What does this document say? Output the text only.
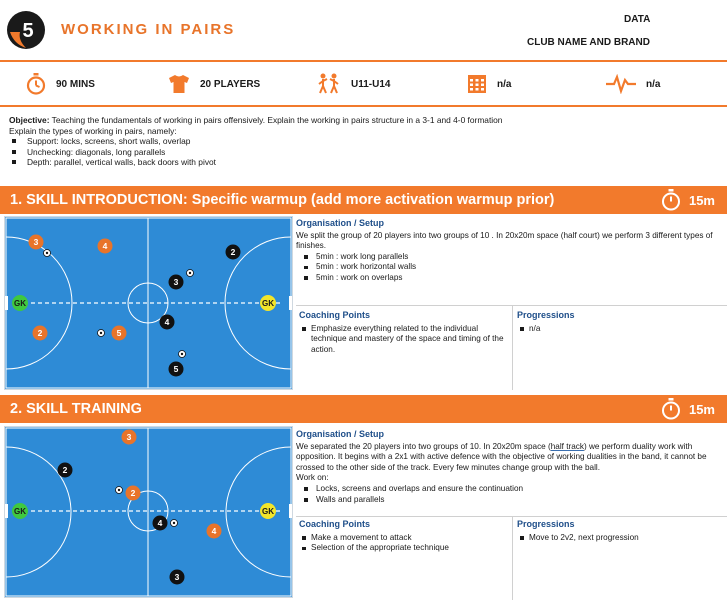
5 WORKING IN PAIRS
DATA
CLUB NAME AND BRAND
90 MINS	20 PLAYERS	U11-U14	n/a	n/a
Objective: Teaching the fundamentals of working in pairs offensively. Explain the working in pairs structure in a 3-1 and 4-0 formation
Explain the types of working in pairs, namely:
Support: locks, screens, short walls, overlap
Unchecking: diagonals, long parallels
Depth: parallel, vertical walls, back doors with pivot
1. SKILL INTRODUCTION: Specific warmup (add more activation warmup prior)	15m
GK	GK
3	4
2
3
4
2
5
5
Organisation / Setup
We split the group of 20 players into two groups of 10 . In 20x20m space (half court) we perform 3 different types of finishes.
5min : work long parallels
5min : work horizontal walls
5min : work on overlaps
Coaching Points
Emphasize everything related to the individual technique and mastery of the space and timing of the action.
Progressions
n/a
2. SKILL TRAINING	15m
GK	GK
3
2
2
4
4
3
Organisation / Setup
We separated the 20 players into two groups of 10. In 20x20m space (half track) we perform duality work with opposition. It begins with a 2x1 with active defence with the objective of working dualities in the band, it cannot be crossed to the other side of the track. Every few minutes change group with the ball.
Work on:
Locks, screens and overlaps and ensure the continuation
Walls and parallels
Coaching Points
Make a movement to attack
Selection of the appropriate technique
Progressions
Move to 2v2, next progression
